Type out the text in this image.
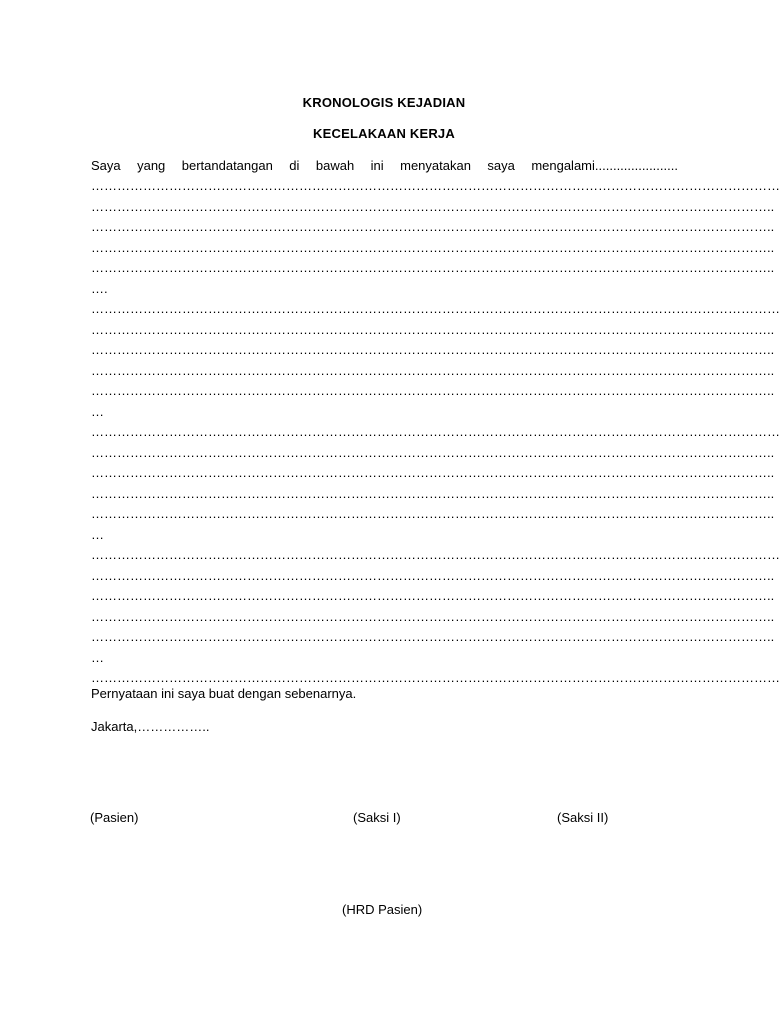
KRONOLOGIS KEJADIAN
KECELAKAAN KERJA
Saya yang bertandatangan di bawah ini menyatakan saya mengalami.......................
……………………………………………………………………………………………………………………………………………
…………………………………………………………………………………………………………………………………………..
…………………………………………………………………………………………………………………………………………..
…………………………………………………………………………………………………………………………………………..
…………………………………………………………………………………………………………………………………………..
….
……………………………………………………………………………………………………………………………………………
…………………………………………………………………………………………………………………………………………..
…………………………………………………………………………………………………………………………………………..
…………………………………………………………………………………………………………………………………………..
…………………………………………………………………………………………………………………………………………..
…
……………………………………………………………………………………………………………………………………………
…………………………………………………………………………………………………………………………………………..
…………………………………………………………………………………………………………………………………………..
…………………………………………………………………………………………………………………………………………..
…………………………………………………………………………………………………………………………………………..
…
……………………………………………………………………………………………………………………………………………
…………………………………………………………………………………………………………………………………………..
…………………………………………………………………………………………………………………………………………..
…………………………………………………………………………………………………………………………………………..
…………………………………………………………………………………………………………………………………………..
…
……………………………………………………………………………………………………………………………………………
Pernyataan ini saya buat dengan sebenarnya.
Jakarta,……………..
(Pasien)	(Saksi I)	(Saksi II)
(HRD Pasien)
